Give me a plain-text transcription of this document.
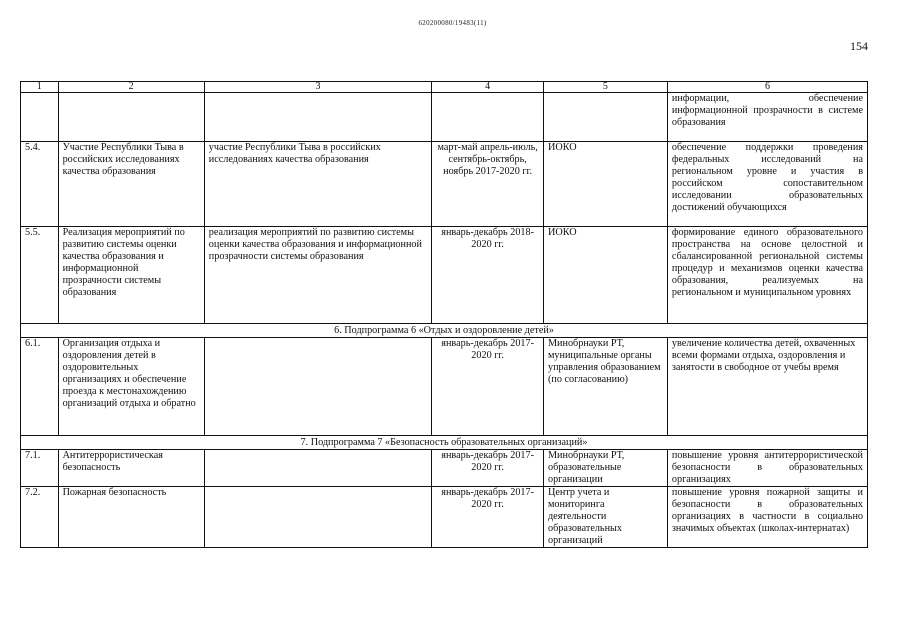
620200080/19483(11)
154
1	2	3	4	5	6
					информации, обеспечение информационной прозрачности в системе образования
5.4.	Участие Республики Тыва в российских исследованиях качества образования	участие Республики Тыва в российских исследованиях качества образования	март-май апрель-июль, сентябрь-октябрь, ноябрь 2017-2020 гг.	ИОКО	обеспечение поддержки проведения федеральных исследований на региональном уровне и участия в российском сопоставительном исследовании образовательных достижений обучающихся
5.5.	Реализация мероприятий по развитию системы оценки качества образования и информационной прозрачности системы образования	реализация мероприятий по развитию системы оценки качества образования и информационной прозрачности системы образования	январь-декабрь 2018-2020 гг.	ИОКО	формирование единого образовательного пространства на основе целостной и сбалансированной региональной системы процедур и механизмов оценки качества образования, реализуемых на региональном и муниципальном уровнях
6. Подпрограмма 6 «Отдых и оздоровление детей»					
6.1.	Организация отдыха и оздоровления детей в оздоровительных организациях и обеспечение проезда к местонахождению организаций отдыха и обратно		январь-декабрь 2017-2020 гг.	Минобрнауки РТ, муниципальные органы управления образованием (по согласованию)	увеличение количества детей, охваченных всеми формами отдыха, оздоровления и занятости в свободное от учебы время
7. Подпрограмма 7 «Безопасность образовательных организаций»					
7.1.	Антитеррористическая безопасность		январь-декабрь 2017-2020 гг.	Минобрнауки РТ, образовательные организации	повышение уровня антитеррористической безопасности в образовательных организациях
7.2.	Пожарная безопасность		январь-декабрь 2017-2020 гг.	Центр учета и мониторинга деятельности образовательных организаций	повышение уровня пожарной защиты и безопасности в образовательных организациях в частности в социально значимых объектах (школах-интернатах)
